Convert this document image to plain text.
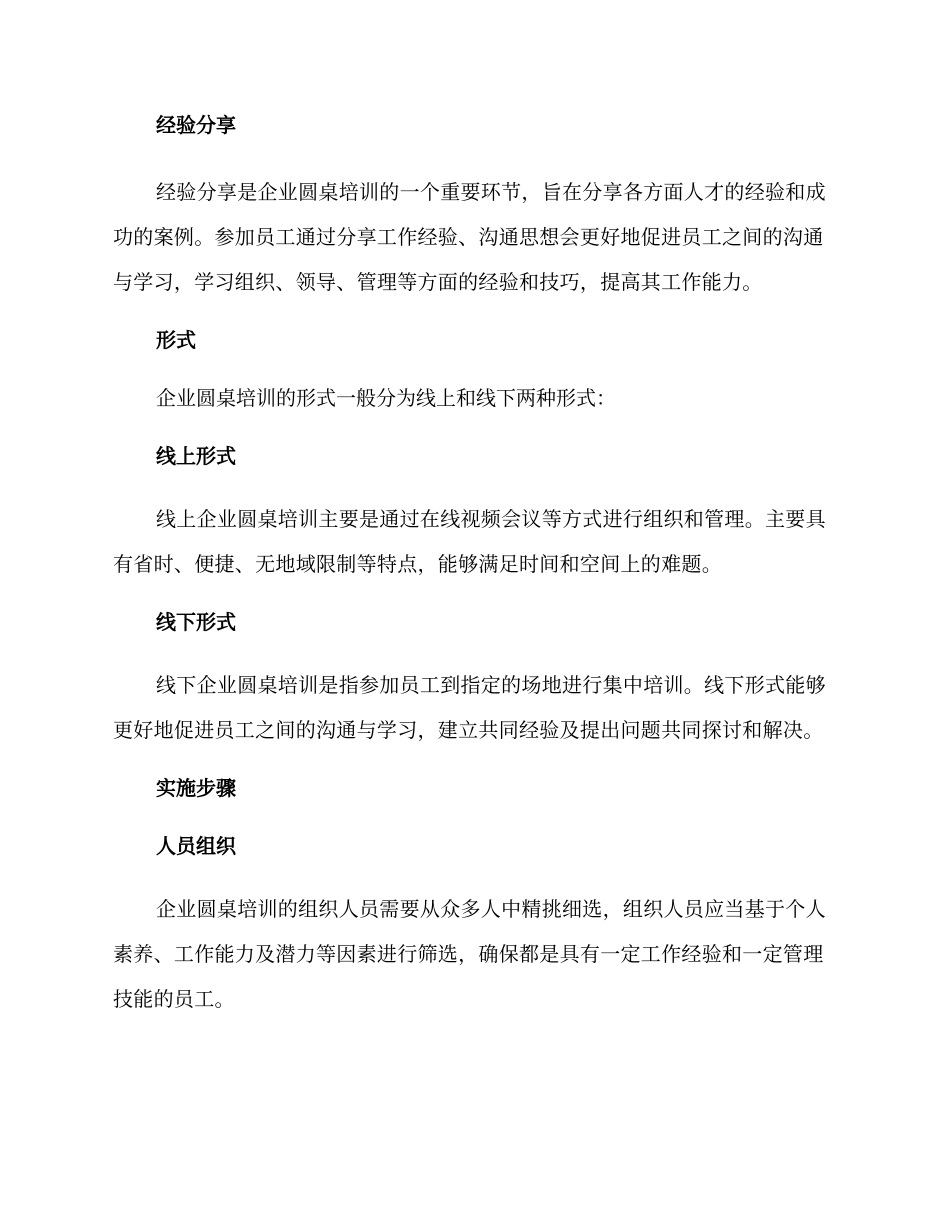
经验分享

经验分享是企业圆桌培训的一个重要环节，旨在分享各方面人才的经验和成功的案例。参加员工通过分享工作经验、沟通思想会更好地促进员工之间的沟通与学习，学习组织、领导、管理等方面的经验和技巧，提高其工作能力。

形式
企业圆桌培训的形式一般分为线上和线下两种形式：
线上形式

线上企业圆桌培训主要是通过在线视频会议等方式进行组织和管理。主要具有省时、便捷、无地域限制等特点，能够满足时间和空间上的难题。

线下形式

线下企业圆桌培训是指参加员工到指定的场地进行集中培训。线下形式能够更好地促进员工之间的沟通与学习，建立共同经验及提出问题共同探讨和解决。

实施步骤
人员组织

企业圆桌培训的组织人员需要从众多人中精挑细选，组织人员应当基于个人素养、工作能力及潜力等因素进行筛选，确保都是具有一定工作经验和一定管理技能的员工。
